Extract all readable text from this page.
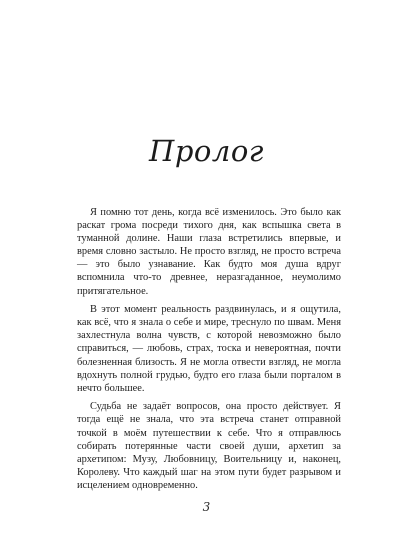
Пролог

Я помню тот день, когда всё изменилось. Это было как раскат грома посреди тихого дня, как вспышка света в туманной долине. Наши глаза встретились впервые, и время словно застыло. Не просто взгляд, не просто встреча — это было узнавание. Как будто моя душа вдруг вспомнила что-то древнее, неразгаданное, неумолимо притягательное.

В этот момент реальность раздвинулась, и я ощутила, как всё, что я знала о себе и мире, треснуло по швам. Меня захлестнула волна чувств, с которой невозможно было справиться, — любовь, страх, тоска и невероятная, почти болезненная близость. Я не могла отвести взгляд, не могла вдохнуть полной грудью, будто его глаза были порталом в нечто большее.

Судьба не задаёт вопросов, она просто действует. Я тогда ещё не знала, что эта встреча станет отправной точкой в моём путешествии к себе. Что я отправлюсь собирать потерянные части своей души, архетип за архетипом: Музу, Любовницу, Воительницу и, наконец, Королеву. Что каждый шаг на этом пути будет разрывом и исцелением одновременно.

3
